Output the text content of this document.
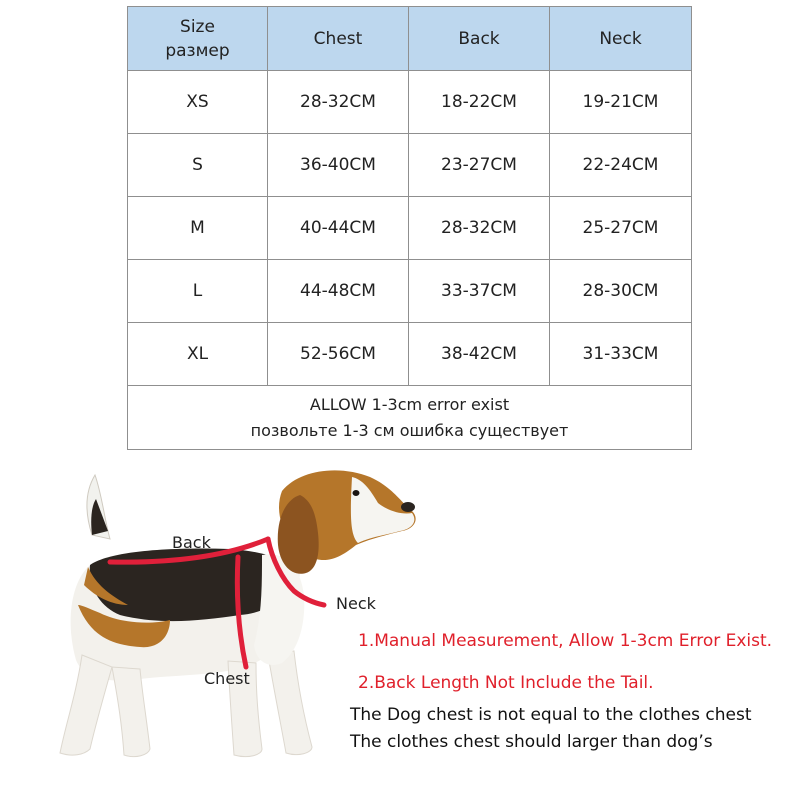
Size
размер	Chest	Back	Neck
XS	28-32CM	18-22CM	19-21CM
S	36-40CM	23-27CM	22-24CM
M	40-44CM	28-32CM	25-27CM
L	44-48CM	33-37CM	28-30CM
XL	52-56CM	38-42CM	31-33CM
ALLOW 1-3cm error exist
позвольте 1-3 см ошибка существует			
Back
Neck
Chest
1.Manual Measurement, Allow 1-3cm Error Exist.
2.Back Length Not Include the Tail.
The Dog chest is not equal to the clothes chest
The clothes chest should larger than dog’s
